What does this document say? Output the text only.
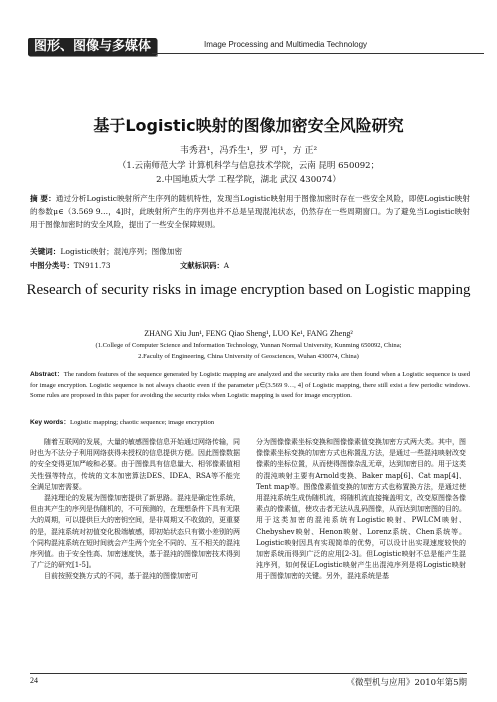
图形、图像与多媒体	Image Processing and Multimedia Technology
基于Logistic映射的图像加密安全风险研究
韦秀君¹，冯乔生¹，罗 可¹，方 正²
（1.云南师范大学 计算机科学与信息技术学院，云南 昆明 650092；
2.中国地质大学 工程学院，湖北 武汉 430074）
摘 要：通过分析Logistic映射所产生序列的随机特性，发现当Logistic映射用于图像加密时存在一些安全风险，即使Logistic映射的参数μ∈（3.569 9…，4]时，此映射所产生的序列也并不总是呈现混沌状态，仍然存在一些周期窗口。为了避免当Logistic映射用于图像加密时的安全风险，提出了一些安全保障规则。
关键词：Logistic映射；混沌序列；图像加密
中图分类号：TN911.73	文献标识码：A
Research of security risks in image encryption based on Logistic mapping
ZHANG Xiu Jun¹, FENG Qiao Sheng¹, LUO Ke¹, FANG Zheng²
(1.College of Computer Science and Information Technology, Yunnan Normal University, Kunming 650092, China;
2.Faculty of Engineering, China University of Geosciences, Wuhan 430074, China)
Abstract：The random features of the sequence generated by Logistic mapping are analyzed and the security risks are then found when a Logistic sequence is used for image encryption. Logistic sequence is not always chaotic even if the parameter μ∈(3.569 9…, 4] of Logistic mapping, there still exist a few periodic windows. Some rules are proposed in this paper for avoiding the security risks when Logistic mapping is used for image encryption.
Key words：Logistic mapping; chaotic sequence; image encryption

随着互联网的发展，大量的敏感图像信息开始通过网络传输，同时也为不法分子利用网络获得未授权的信息提供方便。因此图像数据的安全变得更加严峻和必要。由于图像具有信息量大、相邻像素值相关性强等特点，传统的文本加密算法DES、IDEA、RSA等不能完全满足加密需要。

混沌理论的发展为图像加密提供了新思路。混沌是确定性系统，但由其产生的序列是伪随机的，不可预测的，在理想条件下具有无限大的周期，可以提供巨大的密钥空间，是非周期又不收敛的，更重要的是，混沌系统对初值变化极端敏感，即初始状态只有微小差别的两个同构混沌系统在短时间就会产生两个完全不同的、互不相关的混沌序列值。由于安全性高、加密速度快，基于混沌的图像加密技术得到了广泛的研究[1-5]。

目前按照变换方式的不同，基于混沌的图像加密可

分为图像像素坐标变换和图像像素值变换加密方式两大类。其中，图像像素坐标变换的加密方式也称置乱方法，是通过一些混沌映射改变像素的坐标位置，从而使得图像杂乱无章，达到加密目的。用于这类的混沌映射主要有Arnold变换、Baker map[6]、Cat map[4]、Tent map等。图像像素值变换的加密方式也称置换方法，是通过使用混沌系统生成伪随机流，将随机流直接掩盖明文，改变原图像各像素点的像素值，使攻击者无法从乱码图像，从而达到加密图的目的。用于这类加密的混沌系统有Logistic映射、PWLCM映射、Chebyshev映射、Henon映射、Lorenz系统、Chen系统等。Logistic映射因具有实现简单的优势，可以设计出实现速度较快的加密系统而得到广泛的应用[2-3]。但Logistic映射不总是能产生混沌序列，如何保证Logistic映射产生出混沌序列是将Logistic映射用于图像加密的关键。另外，混沌系统是基

24	《微型机与应用》2010年第5期
